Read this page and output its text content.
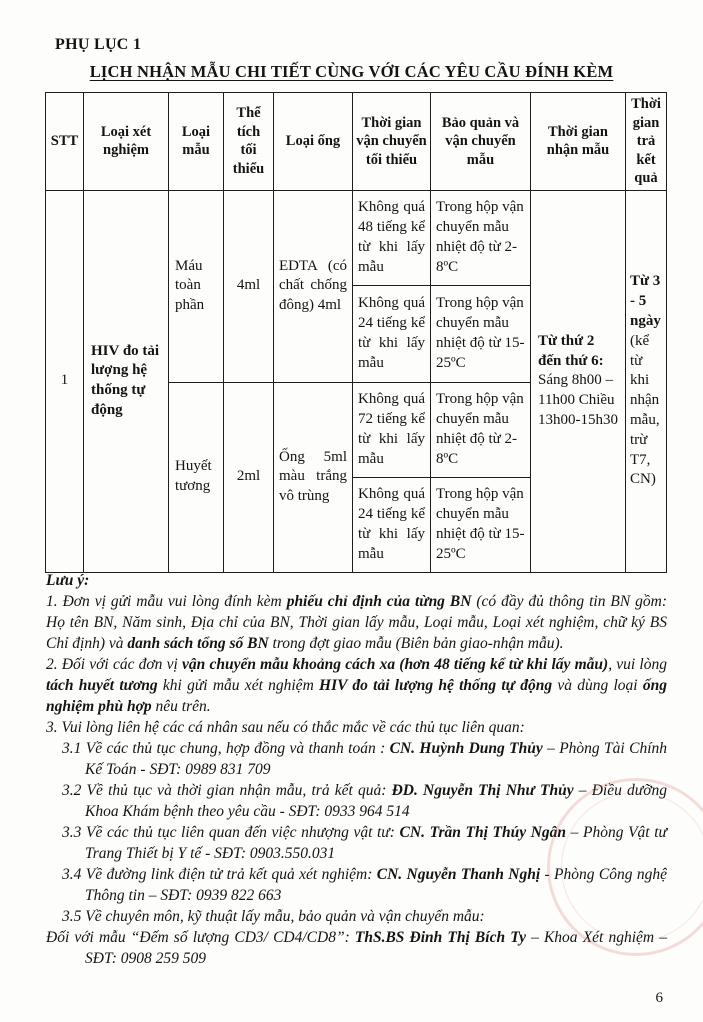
PHỤ LỤC 1
LỊCH NHẬN MẪU CHI TIẾT CÙNG VỚI CÁC YÊU CẦU ĐÍNH KÈM
STT	Loại xét nghiệm	Loại mẫu	Thể tích tối thiểu	Loại ống	Thời gian vận chuyển tối thiểu	Bảo quản và vận chuyển mẫu	Thời gian nhận mẫu	Thời gian trả kết quả
1	HIV đo tải lượng hệ thống tự động	Máu toàn phần	4ml	EDTA (có chất chống đông) 4ml	Không quá 48 tiếng kể từ khi lấy mẫu	Trong hộp vận chuyển mẫu nhiệt độ từ 2-8ºC	Từ thứ 2 đến thứ 6: Sáng 8h00 – 11h00 Chiều 13h00-15h30	Từ 3 - 5 ngày (kể từ khi nhận mẫu, trừ T7, CN)
					Không quá 24 tiếng kể từ khi lấy mẫu	Trong hộp vận chuyển mẫu nhiệt độ từ 15-25ºC		
		Huyết tương	2ml	Ống 5ml màu trắng vô trùng	Không quá 72 tiếng kể từ khi lấy mẫu	Trong hộp vận chuyển mẫu nhiệt độ từ 2-8ºC		
					Không quá 24 tiếng kể từ khi lấy mẫu	Trong hộp vận chuyển mẫu nhiệt độ từ 15-25ºC		

Lưu ý:

1. Đơn vị gửi mẫu vui lòng đính kèm phiếu chỉ định của từng BN (có đầy đủ thông tin BN gồm: Họ tên BN, Năm sinh, Địa chỉ của BN, Thời gian lấy mẫu, Loại mẫu, Loại xét nghiệm, chữ ký BS Chỉ định) và danh sách tổng số BN trong đợt giao mẫu (Biên bản giao-nhận mẫu).

2. Đối với các đơn vị vận chuyển mẫu khoảng cách xa (hơn 48 tiếng kể từ khi lấy mẫu), vui lòng tách huyết tương khi gửi mẫu xét nghiệm HIV đo tải lượng hệ thống tự động và dùng loại ống nghiệm phù hợp nêu trên.

3. Vui lòng liên hệ các cá nhân sau nếu có thắc mắc về các thủ tục liên quan:

3.1 Về các thủ tục chung, hợp đồng và thanh toán : CN. Huỳnh Dung Thủy – Phòng Tài Chính Kế Toán - SĐT: 0989 831 709

3.2 Về thủ tục và thời gian nhận mẫu, trả kết quả: ĐD. Nguyễn Thị Như Thủy – Điều dưỡng Khoa Khám bệnh theo yêu cầu - SĐT: 0933 964 514

3.3 Về các thủ tục liên quan đến việc nhượng vật tư: CN. Trần Thị Thúy Ngân – Phòng Vật tư Trang Thiết bị Y tế - SĐT: 0903.550.031

3.4 Về đường link điện tử trả kết quả xét nghiệm: CN. Nguyễn Thanh Nghị - Phòng Công nghệ Thông tin – SĐT: 0939 822 663

3.5 Về chuyên môn, kỹ thuật lấy mẫu, bảo quản và vận chuyển mẫu:

Đối với mẫu “Đếm số lượng CD3/ CD4/CD8”: ThS.BS Đinh Thị Bích Ty – Khoa Xét nghiệm – SĐT: 0908 259 509

6
